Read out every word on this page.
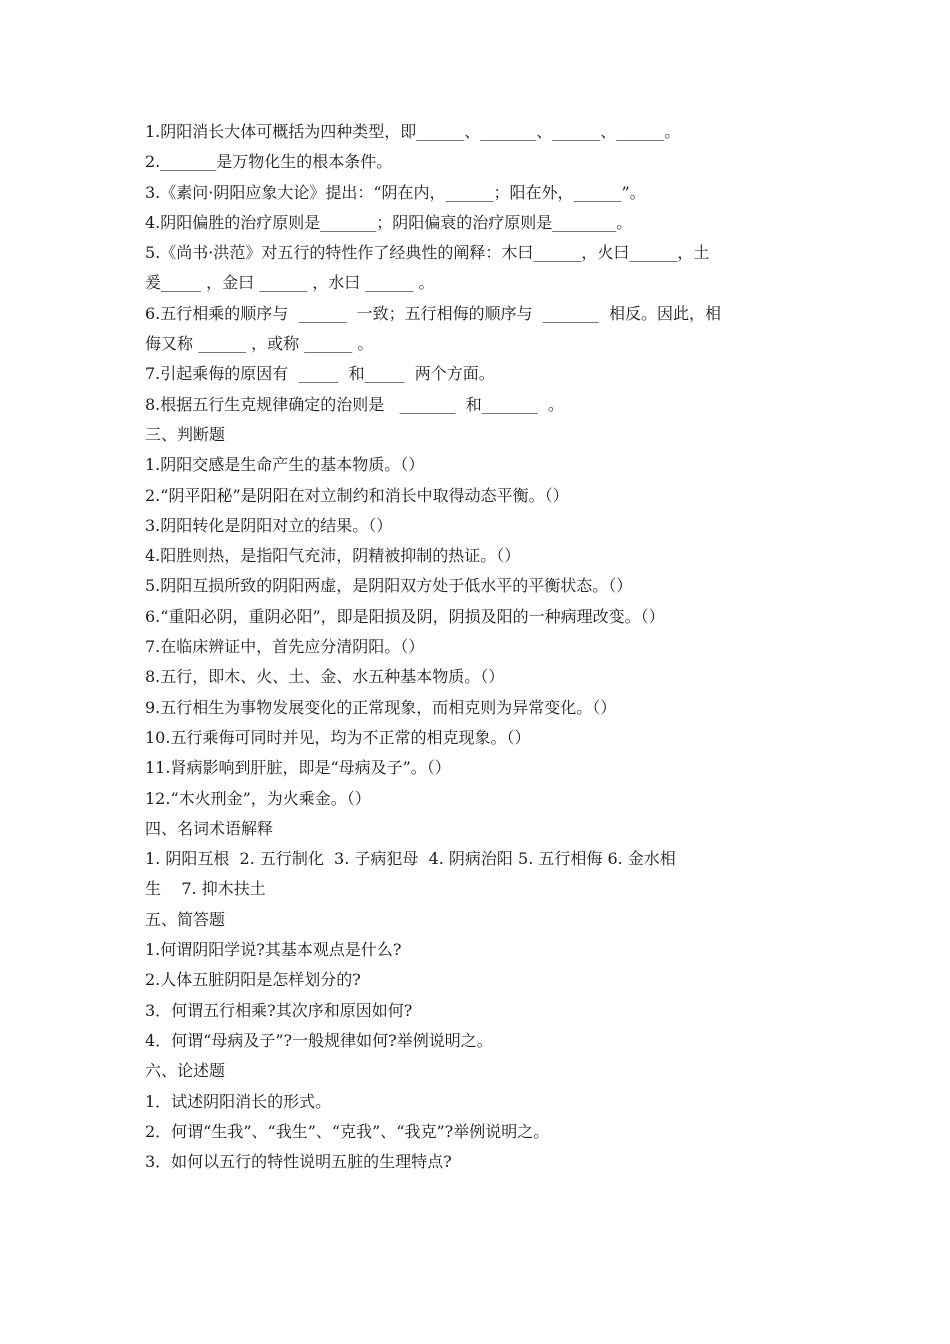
1.阴阳消长大体可概括为四种类型，即______、_______、______、______。
2._______是万物化生的根本条件。
3.《素问·阴阳应象大论》提出：“阴在内，______；阳在外，______”。
4.阴阳偏胜的治疗原则是_______；阴阳偏衰的治疗原则是________。
5.《尚书·洪范》对五行的特性作了经典性的阐释：木曰______，火曰______，土
爰_____ ，金曰 ______ ，水曰 ______ 。
6.五行相乘的顺序与  ______  一致；五行相侮的顺序与  _______  相反。因此，相
侮又称 ______ ，或称 ______ 。
7.引起乘侮的原因有  _____  和_____  两个方面。
8.根据五行生克规律确定的治则是   _______  和_______  。
三、判断题
1.阴阳交感是生命产生的基本物质。（）
2.“阴平阳秘”是阴阳在对立制约和消长中取得动态平衡。（）
3.阴阳转化是阴阳对立的结果。（）
4.阳胜则热，是指阳气充沛，阴精被抑制的热证。（）
5.阴阳互损所致的阴阳两虚，是阴阳双方处于低水平的平衡状态。（）
6.“重阳必阴，重阴必阳”，即是阳损及阴，阴损及阳的一种病理改变。（）
7.在临床辨证中，首先应分清阴阳。（）
8.五行，即木、火、土、金、水五种基本物质。（）
9.五行相生为事物发展变化的正常现象，而相克则为异常变化。（）
10.五行乘侮可同时并见，均为不正常的相克现象。（）
11.肾病影响到肝脏，即是“母病及子”。（）
12.“木火刑金”，为火乘金。（）
四、名词术语解释
1. 阴阳互根  2. 五行制化  3. 子病犯母  4. 阴病治阳 5. 五行相侮 6. 金水相
生    7. 抑木扶土
五、简答题
1.何谓阴阳学说?其基本观点是什么?
2.人体五脏阴阳是怎样划分的?
3．何谓五行相乘?其次序和原因如何?
4．何谓“母病及子”?一般规律如何?举例说明之。
六、论述题
1．试述阴阳消长的形式。
2．何谓“生我”、“我生”、“克我”、“我克”?举例说明之。
3．如何以五行的特性说明五脏的生理特点?
